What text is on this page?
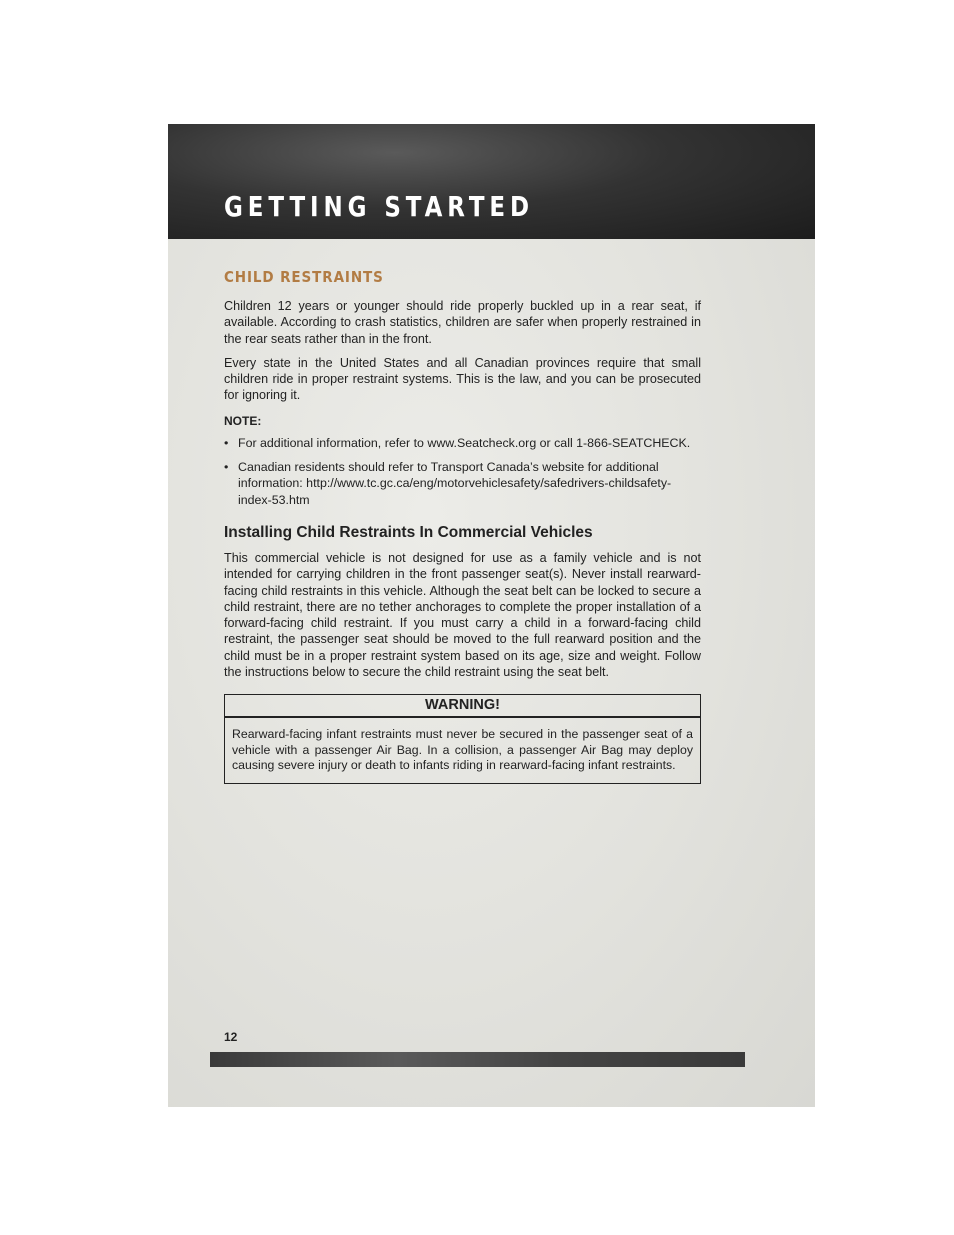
GETTING STARTED
CHILD RESTRAINTS

Children 12 years or younger should ride properly buckled up in a rear seat, if available. According to crash statistics, children are safer when properly restrained in the rear seats rather than in the front.

Every state in the United States and all Canadian provinces require that small children ride in proper restraint systems. This is the law, and you can be prosecuted for ignoring it.

NOTE:
• For additional information, refer to www.Seatcheck.org or call 1-866-SEATCHECK.
• Canadian residents should refer to Transport Canada’s website for additional information: http://www.tc.gc.ca/eng/motorvehiclesafety/safedrivers-childsafety-index-53.htm
Installing Child Restraints In Commercial Vehicles

This commercial vehicle is not designed for use as a family vehicle and is not intended for carrying children in the front passenger seat(s). Never install rearward-facing child restraints in this vehicle. Although the seat belt can be locked to secure a child restraint, there are no tether anchorages to complete the proper installation of a forward-facing child restraint. If you must carry a child in a forward-facing child restraint, the passenger seat should be moved to the full rearward position and the child must be in a proper restraint system based on its age, size and weight. Follow the instructions below to secure the child restraint using the seat belt.

WARNING!
Rearward-facing infant restraints must never be secured in the passenger seat of a vehicle with a passenger Air Bag. In a collision, a passenger Air Bag may deploy causing severe injury or death to infants riding in rearward-facing infant restraints.
12
